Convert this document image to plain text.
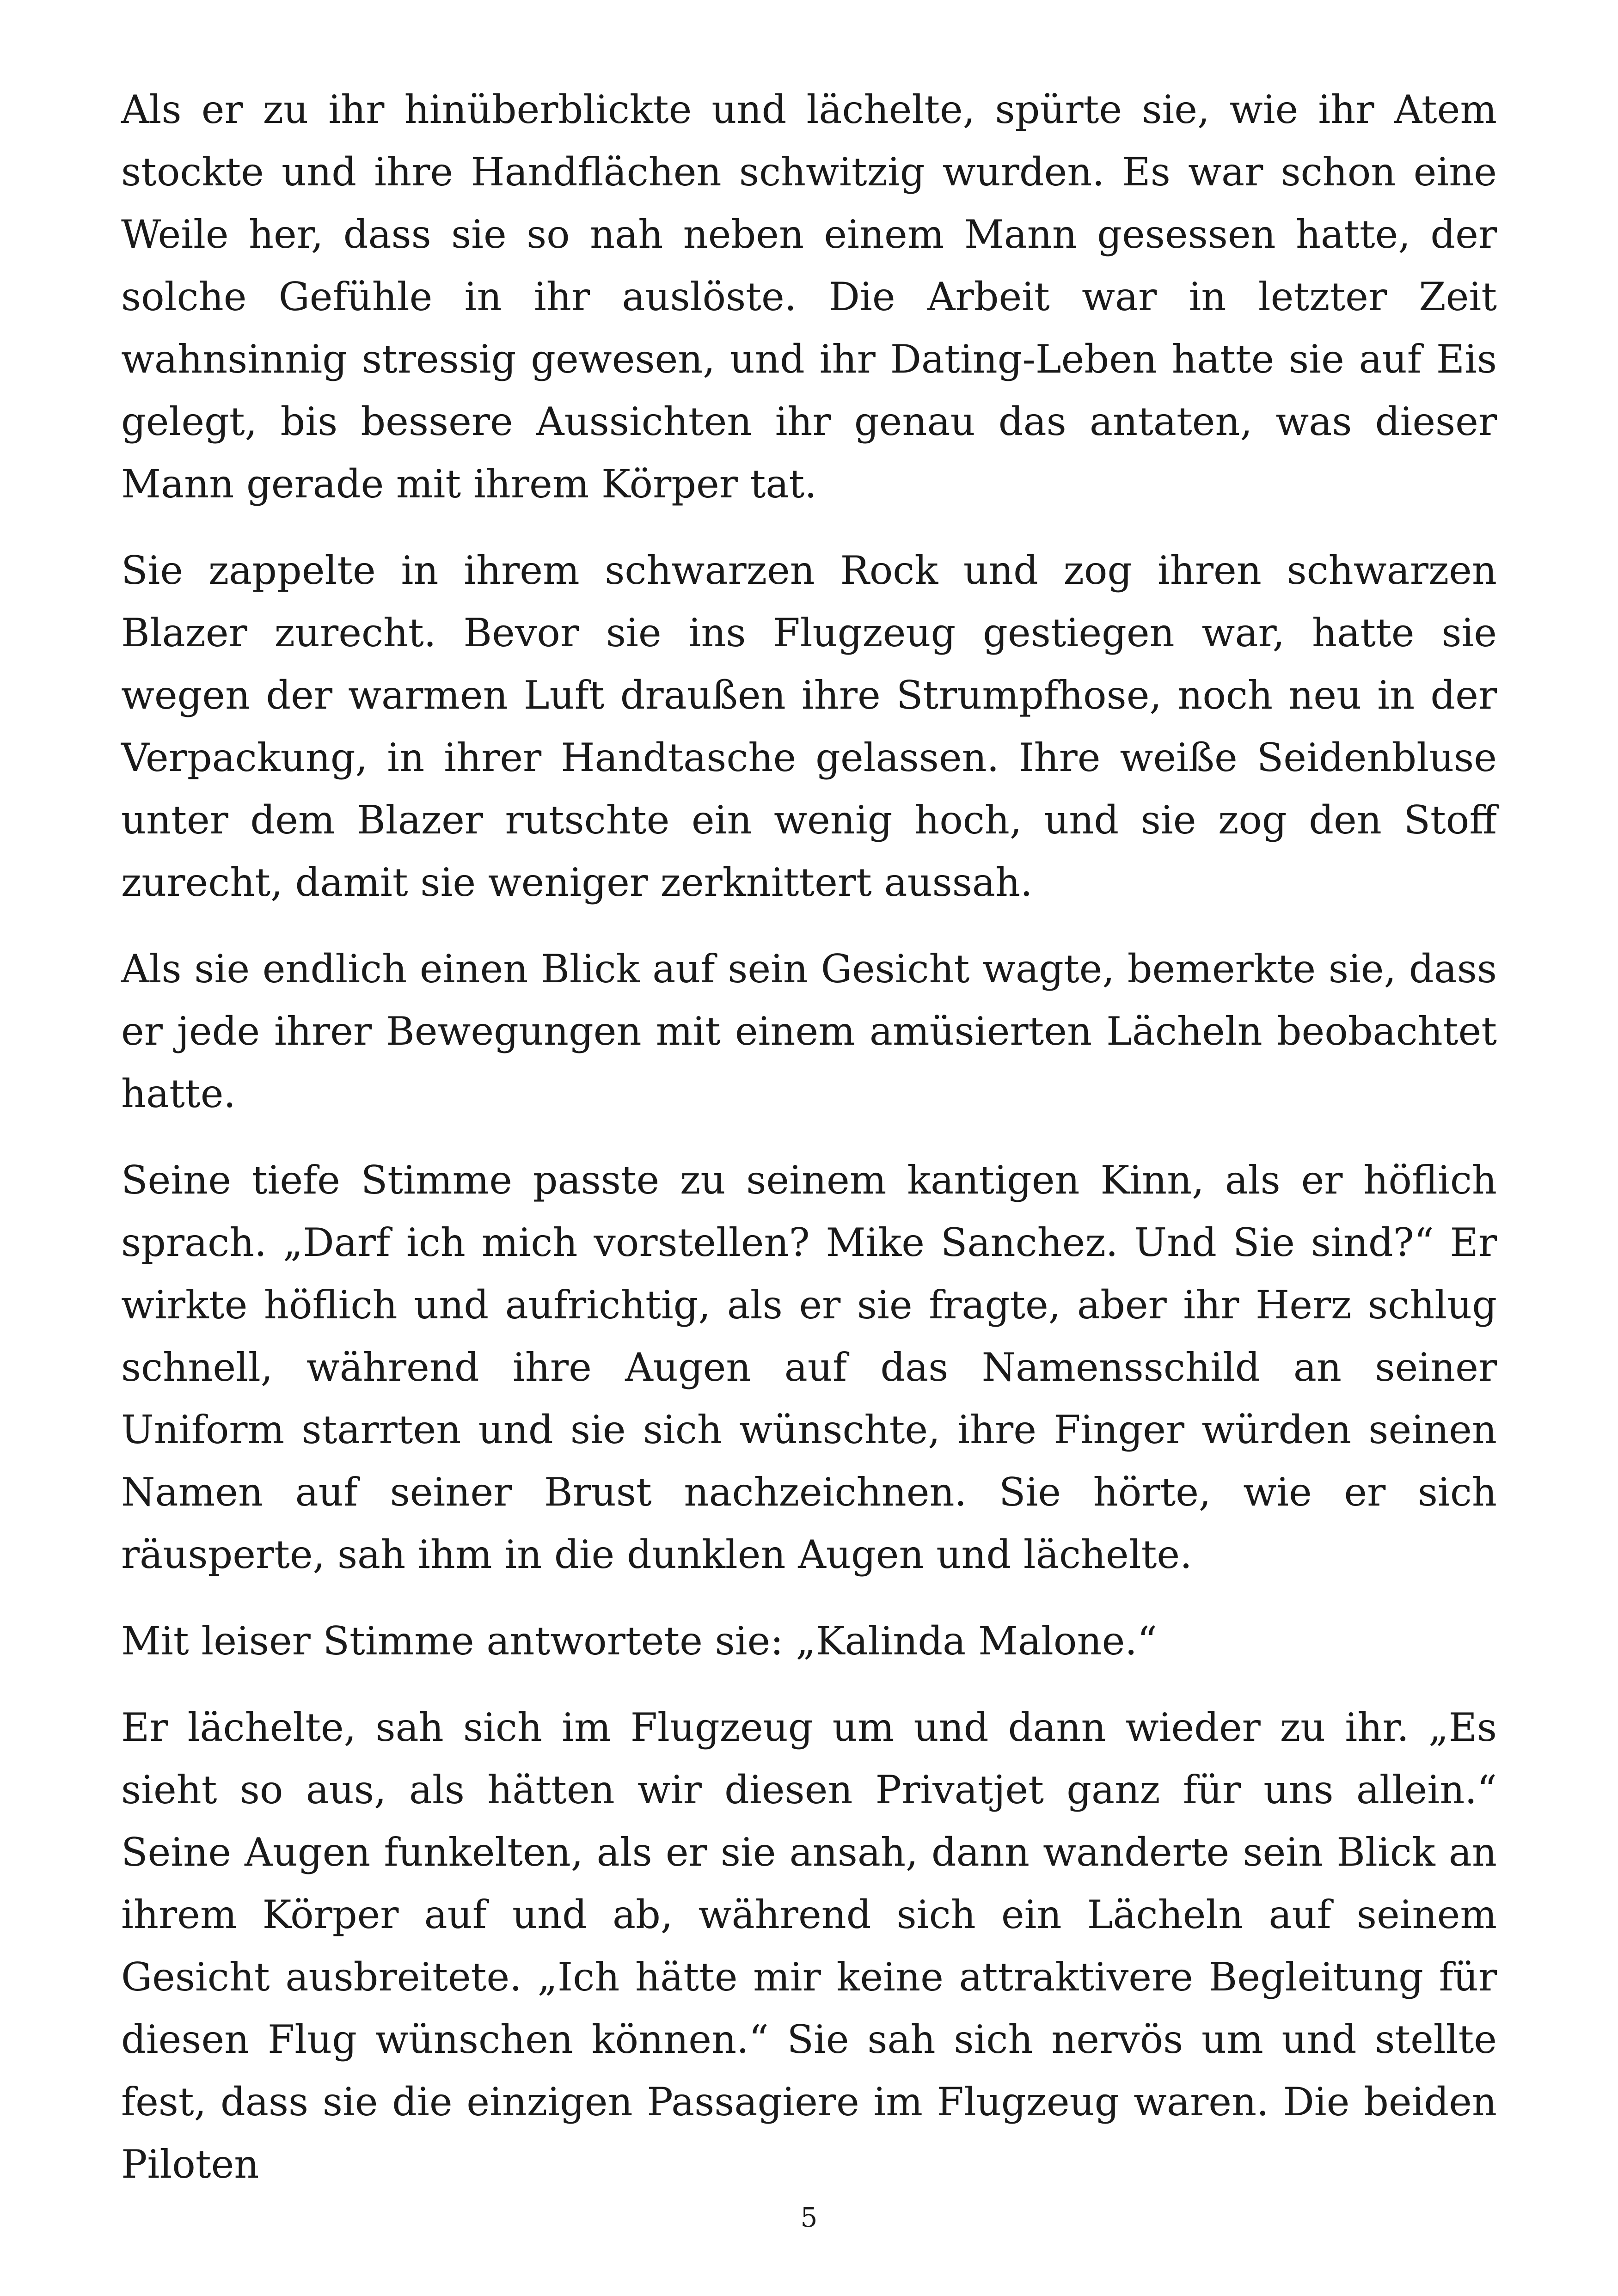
Als er zu ihr hinüberblickte und lächelte, spürte sie, wie ihr Atem stockte und ihre Handflächen schwitzig wurden. Es war schon eine Weile her, dass sie so nah neben einem Mann gesessen hatte, der solche Gefühle in ihr auslöste. Die Arbeit war in letzter Zeit wahnsinnig stressig gewesen, und ihr Dating-Leben hatte sie auf Eis gelegt, bis bessere Aussichten ihr genau das antaten, was dieser Mann gerade mit ihrem Körper tat.

Sie zappelte in ihrem schwarzen Rock und zog ihren schwarzen Blazer zurecht. Bevor sie ins Flugzeug gestiegen war, hatte sie wegen der warmen Luft draußen ihre Strumpfhose, noch neu in der Verpackung, in ihrer Handtasche gelassen. Ihre weiße Seidenbluse unter dem Blazer rutschte ein wenig hoch, und sie zog den Stoff zurecht, damit sie weniger zerknittert aussah.

Als sie endlich einen Blick auf sein Gesicht wagte, bemerkte sie, dass er jede ihrer Bewegungen mit einem amüsierten Lächeln beobachtet hatte.

Seine tiefe Stimme passte zu seinem kantigen Kinn, als er höflich sprach. „Darf ich mich vorstellen? Mike Sanchez. Und Sie sind?“ Er wirkte höflich und aufrichtig, als er sie fragte, aber ihr Herz schlug schnell, während ihre Augen auf das Namensschild an seiner Uniform starrten und sie sich wünschte, ihre Finger würden seinen Namen auf seiner Brust nachzeichnen. Sie hörte, wie er sich räusperte, sah ihm in die dunklen Augen und lächelte.

Mit leiser Stimme antwortete sie: „Kalinda Malone.“

Er lächelte, sah sich im Flugzeug um und dann wieder zu ihr. „Es sieht so aus, als hätten wir diesen Privatjet ganz für uns allein.“ Seine Augen funkelten, als er sie ansah, dann wanderte sein Blick an ihrem Körper auf und ab, während sich ein Lächeln auf seinem Gesicht ausbreitete. „Ich hätte mir keine attraktivere Begleitung für diesen Flug wünschen können.“ Sie sah sich nervös um und stellte fest, dass sie die einzigen Passagiere im Flugzeug waren. Die beiden Piloten

5
